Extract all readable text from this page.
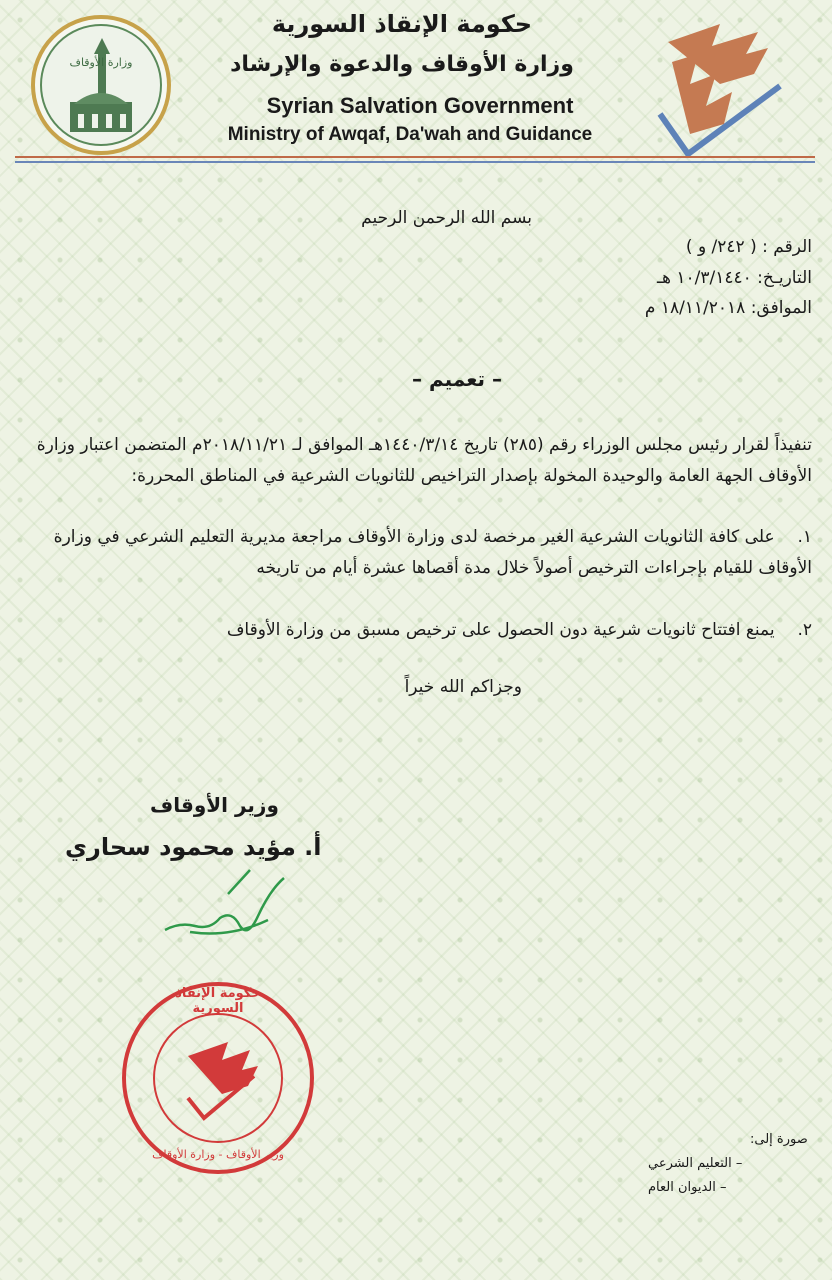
وزارة الأوقاف
حكومة الإنقاذ السورية
وزارة الأوقاف والدعوة والإرشاد
Syrian Salvation Government
Ministry of Awqaf, Da'wah and Guidance
بسم الله الرحمن الرحيم
الرقم : ( ٢٤٢/ و )
التاريـخ: ١٠/٣/١٤٤٠ هـ
الموافق: ١٨/١١/٢٠١٨ م
– تعميم –
تنفيذاً لقرار رئيس مجلس الوزراء رقم (٢٨٥) تاريخ ١٤٤٠/٣/١٤هـ الموافق لـ ٢٠١٨/١١/٢١م المتضمن اعتبار وزارة الأوقاف الجهة العامة والوحيدة المخولة بإصدار التراخيص للثانويات الشرعية في المناطق المحررة:
١. على كافة الثانويات الشرعية الغير مرخصة لدى وزارة الأوقاف مراجعة مديرية التعليم الشرعي في وزارة الأوقاف للقيام بإجراءات الترخيص أصولاً خلال مدة أقصاها عشرة أيام من تاريخه
٢. يمنع افتتاح ثانويات شرعية دون الحصول على ترخيص مسبق من وزارة الأوقاف
وجزاكم الله خيراً
وزير الأوقاف
أ. مؤيد محمود سحاري
حكومة الإنقاذ السورية
وزير الأوقاف - وزارة الأوقاف
صورة إلى:
– التعليم الشرعي
– الديوان العام
